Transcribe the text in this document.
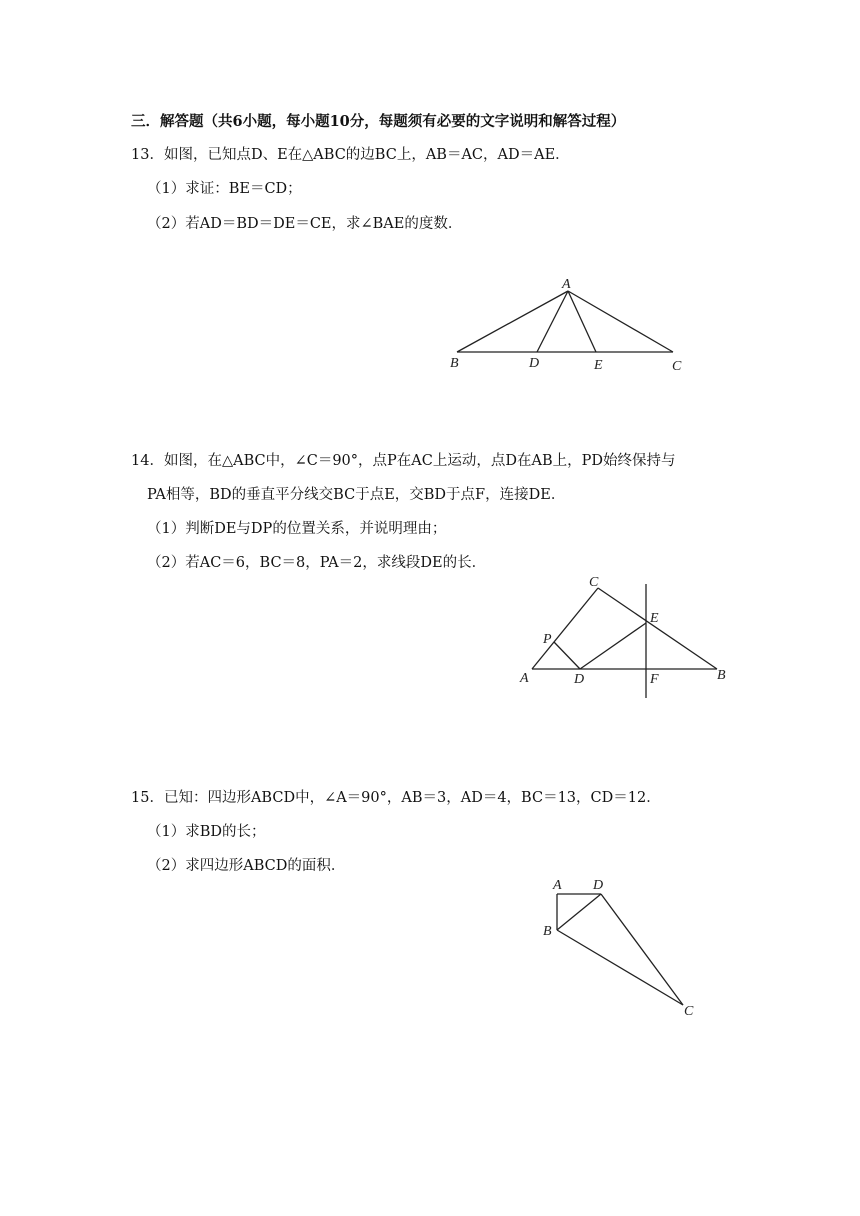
三．解答题（共6小题，每小题10分，每题须有必要的文字说明和解答过程）
13．如图，已知点D、E在△ABC的边BC上，AB＝AC，AD＝AE．
（1）求证：BE＝CD；
（2）若AD＝BD＝DE＝CE，求∠BAE的度数．
A
B	D	E	C
14．如图，在△ABC中，∠C＝90°，点P在AC上运动，点D在AB上，PD始终保持与
PA相等，BD的垂直平分线交BC于点E，交BD于点F，连接DE．
（1）判断DE与DP的位置关系，并说明理由；
（2）若AC＝6，BC＝8，PA＝2，求线段DE的长．
C
E
P
A	D	F	B
15．已知：四边形ABCD中，∠A＝90°，AB＝3，AD＝4，BC＝13，CD＝12．
（1）求BD的长；
（2）求四边形ABCD的面积．
A D
B
C
